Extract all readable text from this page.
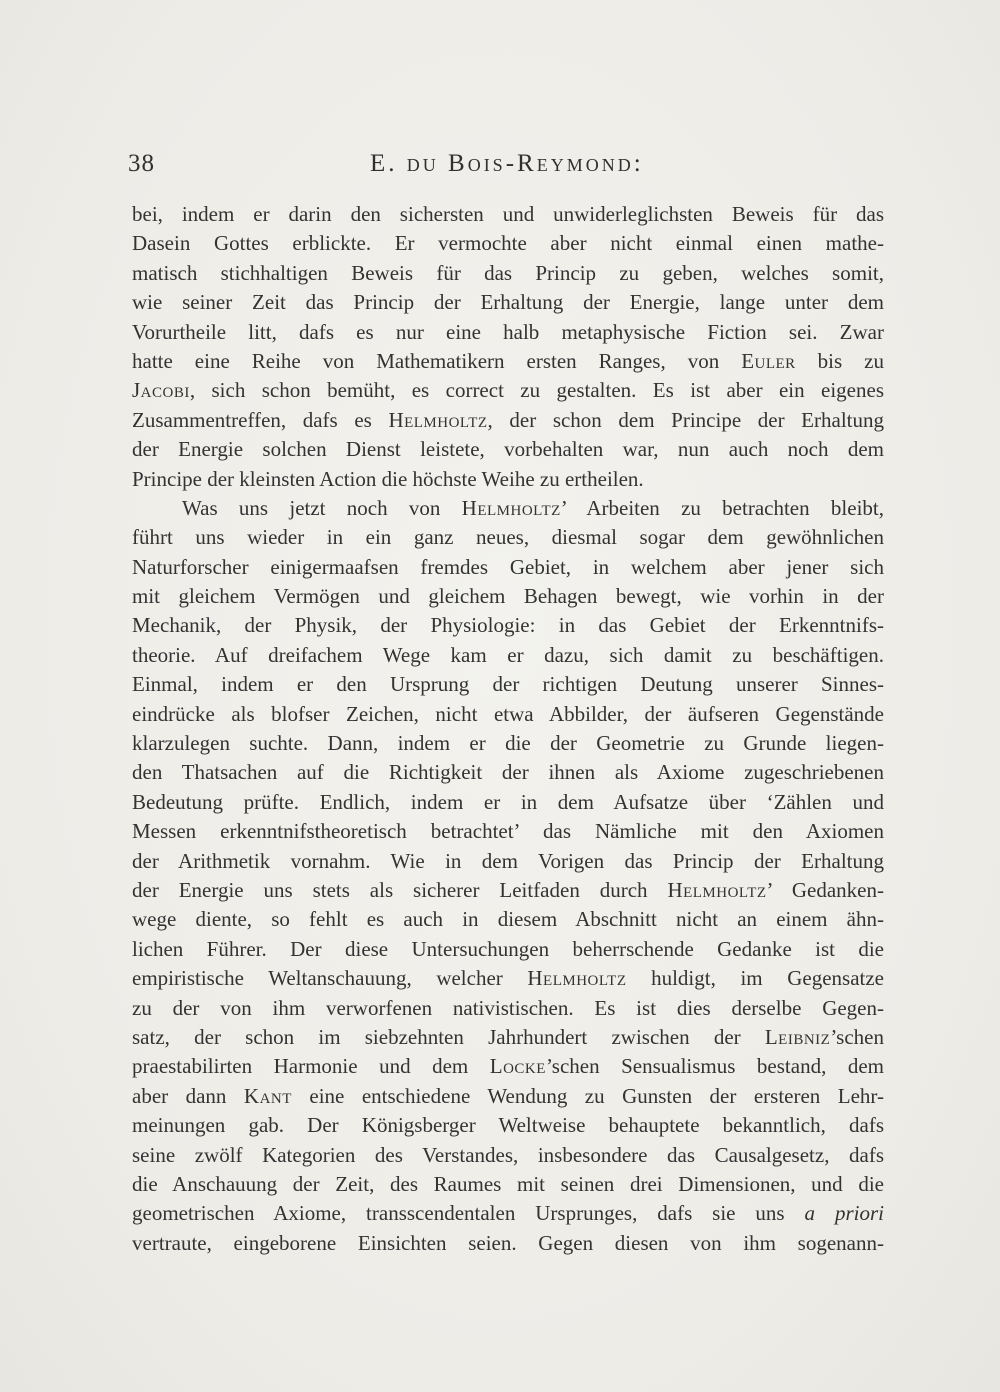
38	E. du Bois-Reymond:
bei, indem er darin den sichersten und unwiderleglichsten Beweis für das
Dasein Gottes erblickte. Er vermochte aber nicht einmal einen mathe-
matisch stichhaltigen Beweis für das Princip zu geben, welches somit,
wie seiner Zeit das Princip der Erhaltung der Energie, lange unter dem
Vorurtheile litt, dafs es nur eine halb metaphysische Fiction sei. Zwar
hatte eine Reihe von Mathematikern ersten Ranges, von Euler bis zu
Jacobi, sich schon bemüht, es correct zu gestalten. Es ist aber ein eigenes
Zusammentreffen, dafs es Helmholtz, der schon dem Principe der Erhaltung
der Energie solchen Dienst leistete, vorbehalten war, nun auch noch dem
Principe der kleinsten Action die höchste Weihe zu ertheilen.
Was uns jetzt noch von Helmholtz’ Arbeiten zu betrachten bleibt,
führt uns wieder in ein ganz neues, diesmal sogar dem gewöhnlichen
Naturforscher einigermaafsen fremdes Gebiet, in welchem aber jener sich
mit gleichem Vermögen und gleichem Behagen bewegt, wie vorhin in der
Mechanik, der Physik, der Physiologie: in das Gebiet der Erkenntnifs-
theorie. Auf dreifachem Wege kam er dazu, sich damit zu beschäftigen.
Einmal, indem er den Ursprung der richtigen Deutung unserer Sinnes-
eindrücke als blofser Zeichen, nicht etwa Abbilder, der äufseren Gegenstände
klarzulegen suchte. Dann, indem er die der Geometrie zu Grunde liegen-
den Thatsachen auf die Richtigkeit der ihnen als Axiome zugeschriebenen
Bedeutung prüfte. Endlich, indem er in dem Aufsatze über ‘Zählen und
Messen erkenntnifstheoretisch betrachtet’ das Nämliche mit den Axiomen
der Arithmetik vornahm. Wie in dem Vorigen das Princip der Erhaltung
der Energie uns stets als sicherer Leitfaden durch Helmholtz’ Gedanken-
wege diente, so fehlt es auch in diesem Abschnitt nicht an einem ähn-
lichen Führer. Der diese Untersuchungen beherrschende Gedanke ist die
empiristische Weltanschauung, welcher Helmholtz huldigt, im Gegensatze
zu der von ihm verworfenen nativistischen. Es ist dies derselbe Gegen-
satz, der schon im siebzehnten Jahrhundert zwischen der Leibniz’schen
praestabilirten Harmonie und dem Locke’schen Sensualismus bestand, dem
aber dann Kant eine entschiedene Wendung zu Gunsten der ersteren Lehr-
meinungen gab. Der Königsberger Weltweise behauptete bekanntlich, dafs
seine zwölf Kategorien des Verstandes, insbesondere das Causalgesetz, dafs
die Anschauung der Zeit, des Raumes mit seinen drei Dimensionen, und die
geometrischen Axiome, transscendentalen Ursprunges, dafs sie uns a priori
vertraute, eingeborene Einsichten seien. Gegen diesen von ihm sogenann-
